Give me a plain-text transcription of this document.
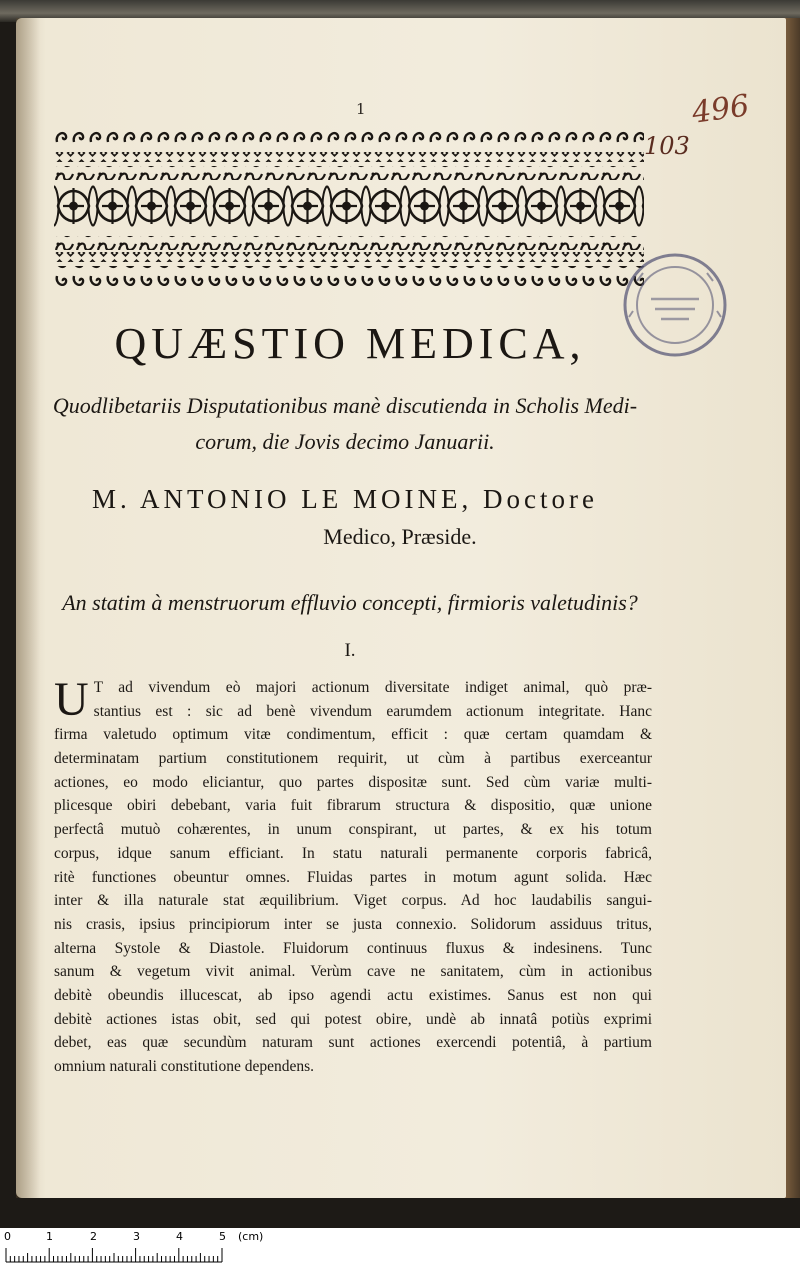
1	496
103
QUÆSTIO MEDICA,
Quodlibetariis Disputationibus manè discutienda in Scholis Medi-
corum, die Jovis decimo Januarii.
M. ANTONIO LE MOINE, Doctore
Medico, Præside.
An statim à menstruorum effluvio concepti, firmioris valetudinis?
I.
U T ad vivendum eò majori actionum diversitate indiget animal, quò præ-
stantius est : sic ad benè vivendum earumdem actionum integritate. Hanc
firma valetudo optimum vitæ condimentum, efficit : quæ certam quamdam &
determinatam partium constitutionem requirit, ut cùm à partibus exerceantur
actiones, eo modo eliciantur, quo partes dispositæ sunt. Sed cùm variæ multi-
plicesque obiri debebant, varia fuit fibrarum structura & dispositio, quæ unione
perfectâ mutuò cohærentes, in unum conspirant, ut partes, & ex his totum
corpus, idque sanum efficiant. In statu naturali permanente corporis fabricâ,
ritè functiones obeuntur omnes. Fluidas partes in motum agunt solida. Hæc
inter & illa naturale stat æquilibrium. Viget corpus. Ad hoc laudabilis sangui-
nis crasis, ipsius principiorum inter se justa connexio. Solidorum assiduus tritus,
alterna Systole & Diastole. Fluidorum continuus fluxus & indesinens. Tunc
sanum & vegetum vivit animal. Verùm cave ne sanitatem, cùm in actionibus
debitè obeundis illucescat, ab ipso agendi actu existimes. Sanus est non qui
debitè actiones istas obit, sed qui potest obire, undè ab innatâ potiùs exprimi
debet, eas quæ secundùm naturam sunt actiones exercendi potentiâ, à partium
omnium naturali constitutione dependens.
0	1	2	3	4	5 (cm)
